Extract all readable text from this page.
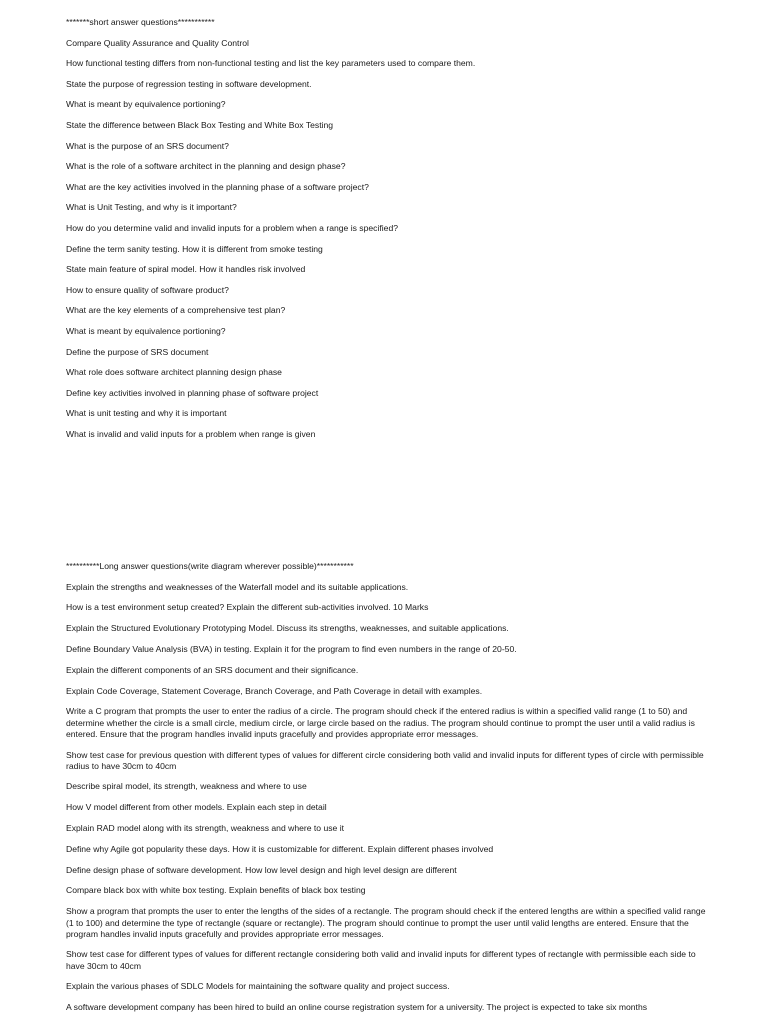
*******short answer questions***********

Compare Quality Assurance and Quality Control

How functional testing differs from non-functional testing and list the key parameters used to compare them.

State the purpose of regression testing in software development.

What is meant by equivalence portioning?

State the difference between Black Box Testing and White Box Testing

What is the purpose of an SRS document?

What is the role of a software architect in the planning and design phase?

What are the key activities involved in the planning phase of a software project?

What is Unit Testing, and why is it important?

How do you determine valid and invalid inputs for a problem when a range is specified?

Define the term sanity testing. How it is different from smoke testing

State main feature of spiral model. How it handles risk involved

How to ensure quality of software product?

What are the key elements of a comprehensive test plan?

What is meant by equivalence portioning?

Define the purpose of SRS document

What role does software architect planning design phase

Define key activities involved in planning phase of software project

What is unit testing and why it is important

What is invalid and valid inputs for a problem when range is given

**********Long answer questions(write diagram wherever possible)***********

Explain the strengths and weaknesses of the Waterfall model and its suitable applications.

How is a test environment setup created? Explain the different sub-activities involved. 10 Marks

Explain the Structured Evolutionary Prototyping Model. Discuss its strengths, weaknesses, and suitable applications.

Define Boundary Value Analysis (BVA) in testing. Explain it for the program to find even numbers in the range of 20-50.

Explain the different components of an SRS document and their significance.

Explain Code Coverage, Statement Coverage, Branch Coverage, and Path Coverage in detail with examples.

Write a C program that prompts the user to enter the radius of a circle. The program should check if the entered radius is within a specified valid range (1 to 50) and determine whether the circle is a small circle, medium circle, or large circle based on the radius. The program should continue to prompt the user until a valid radius is entered. Ensure that the program handles invalid inputs gracefully and provides appropriate error messages.

Show test case for previous question with different types of values for different circle considering both valid and invalid inputs for different types of circle with permissible radius to have 30cm to 40cm

Describe spiral model, its strength, weakness and where to use

How V model different from other models. Explain each step in detail

Explain RAD model along with its strength, weakness and where to use it

Define why Agile got popularity these days. How it is customizable for different. Explain different phases involved

Define design phase of software development. How low level design and high level design are different

Compare black box with white box testing. Explain benefits of black box testing

Show a program that prompts the user to enter the lengths of the sides of a rectangle. The program should check if the entered lengths are within a specified valid range (1 to 100) and determine the type of rectangle (square or rectangle). The program should continue to prompt the user until valid lengths are entered. Ensure that the program handles invalid inputs gracefully and provides appropriate error messages.

Show test case for different types of values for different rectangle considering both valid and invalid inputs for different types of rectangle with permissible each side to have 30cm to 40cm

Explain the various phases of SDLC Models for maintaining the software quality and project success.

A software development company has been hired to build an online course registration system for a university. The project is expected to take six months
